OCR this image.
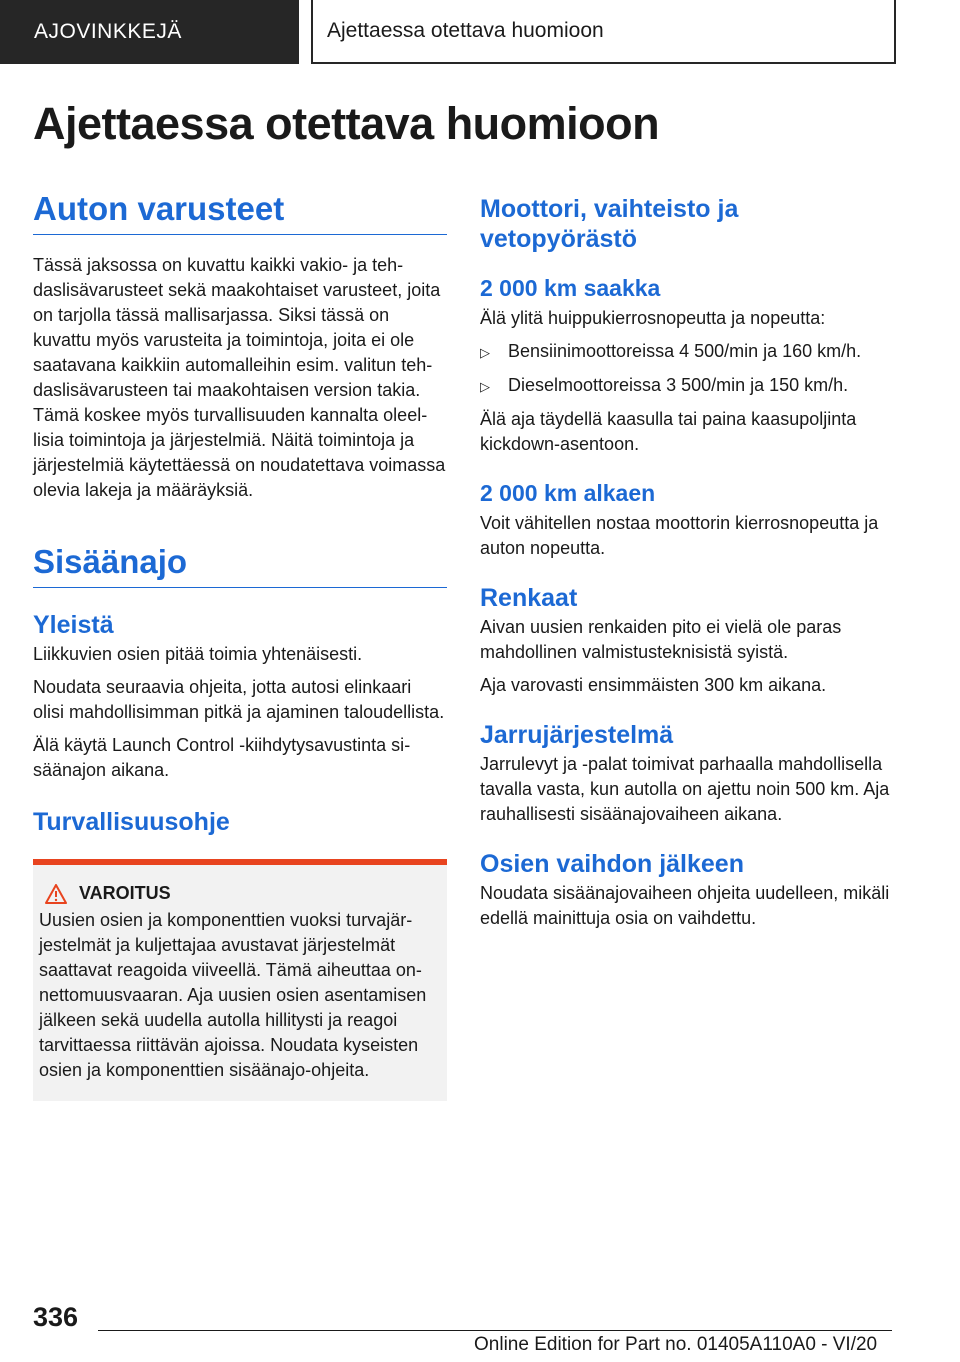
AJOVINKKEJÄ	Ajettaessa otettava huomioon
Ajettaessa otettava huomioon
Auton varusteet

Tässä jaksossa on kuvattu kaikki vakio- ja tehdaslisävarusteet sekä maakohtaiset varusteet, joita on tarjolla tässä mallisarjassa. Siksi tässä on kuvattu myös varusteita ja toimintoja, joita ei ole saatavana kaikkiin automalleihin esim. valitun tehdaslisävarusteen tai maakohtaisen version takia. Tämä koskee myös turvallisuuden kannalta oleellisia toimintoja ja järjestelmiä. Näitä toimintoja ja järjestelmiä käytettäessä on noudatettava voimassa olevia lakeja ja määräyksiä.

Sisäänajo
Yleistä

Liikkuvien osien pitää toimia yhtenäisesti.

Noudata seuraavia ohjeita, jotta autosi elinkaari olisi mahdollisimman pitkä ja ajaminen taloudellista.

Älä käytä Launch Control -kiihdytysavustinta sisäänajon aikana.

Turvallisuusohje
VAROITUS

Uusien osien ja komponenttien vuoksi turvajärjestelmät ja kuljettajaa avustavat järjestelmät saattavat reagoida viiveellä. Tämä aiheuttaa onnettomuusvaaran. Aja uusien osien asentamisen jälkeen sekä uudella autolla hillitysti ja reagoi tarvittaessa riittävän ajoissa. Noudata kyseisten osien ja komponenttien sisäänajo-ohjeita.

Moottori, vaihteisto ja vetopyörästö
2 000 km saakka

Älä ylitä huippukierrosnopeutta ja nopeutta:

▷	Bensiinimoottoreissa 4 500/min ja 160 km/h.
▷	Dieselmoottoreissa 3 500/min ja 150 km/h.

Älä aja täydellä kaasulla tai paina kaasupoljinta kickdown-asentoon.

2 000 km alkaen

Voit vähitellen nostaa moottorin kierrosnopeutta ja auton nopeutta.

Renkaat

Aivan uusien renkaiden pito ei vielä ole paras mahdollinen valmistusteknisistä syistä.

Aja varovasti ensimmäisten 300 km aikana.

Jarrujärjestelmä

Jarrulevyt ja -palat toimivat parhaalla mahdollisella tavalla vasta, kun autolla on ajettu noin 500 km. Aja rauhallisesti sisäänajovaiheen aikana.

Osien vaihdon jälkeen

Noudata sisäänajovaiheen ohjeita uudelleen, mikäli edellä mainittuja osia on vaihdettu.

336
Online Edition for Part no. 01405A110A0 - VI/20
